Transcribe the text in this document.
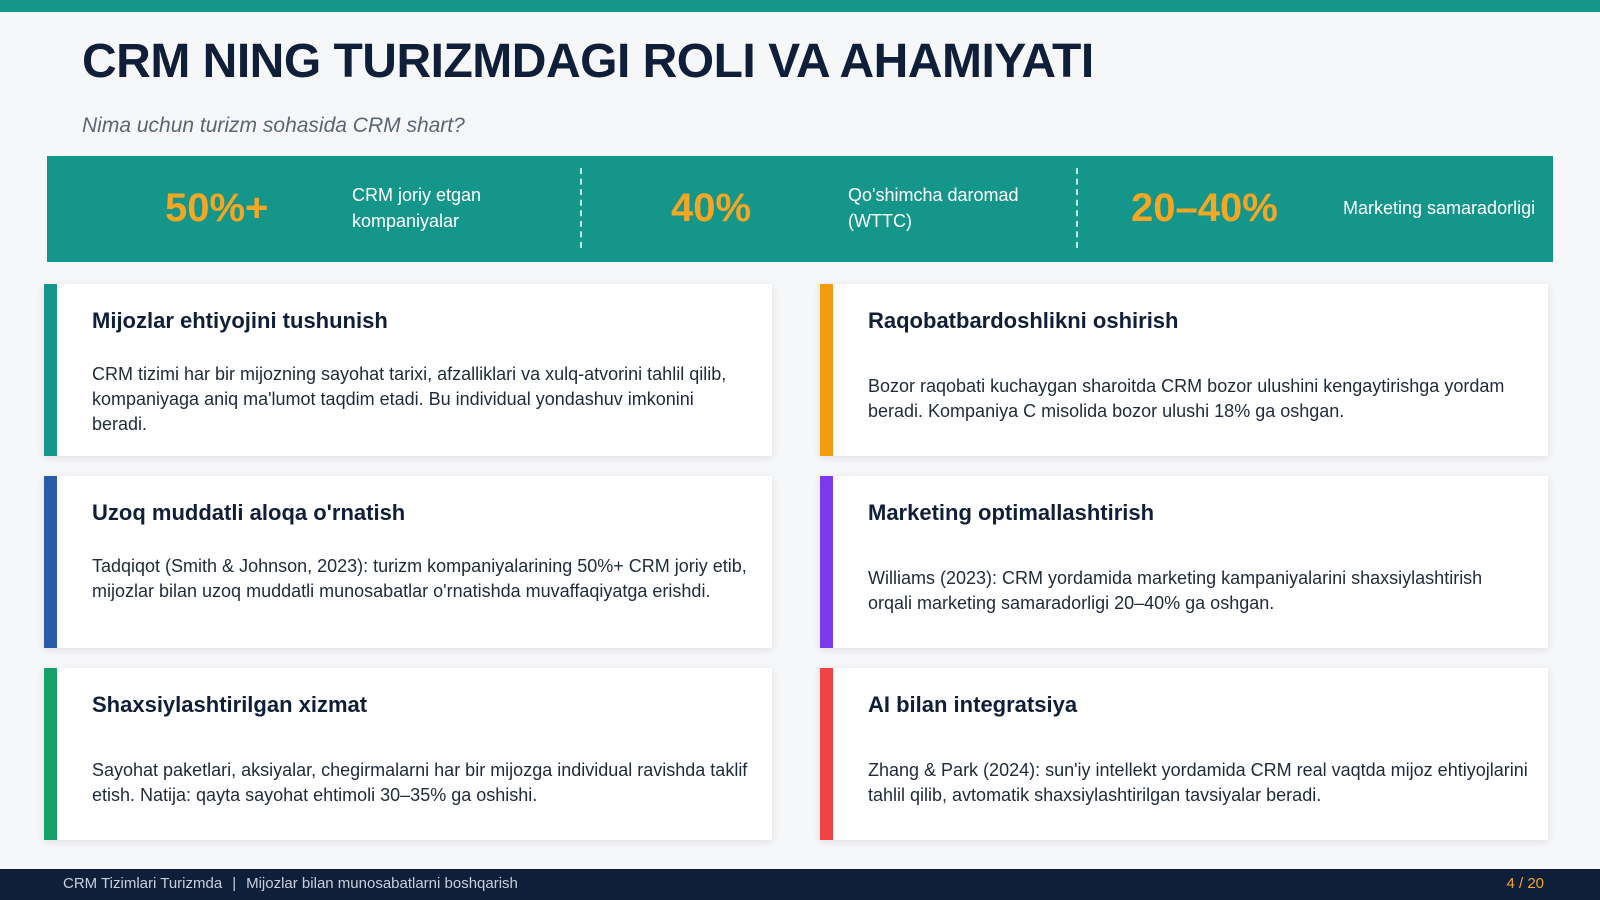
CRM NING TURIZMDAGI ROLI VA AHAMIYATI
Nima uchun turizm sohasida CRM shart?
50%+	CRM joriy etgan
kompaniyalar	40%	Qo'shimcha daromad
(WTTC)	20–40%	Marketing samaradorligi
Mijozlar ehtiyojini tushunish
CRM tizimi har bir mijozning sayohat tarixi, afzalliklari va xulq-atvorini tahlil qilib, kompaniyaga aniq ma'lumot taqdim etadi. Bu individual yondashuv imkonini beradi.
Raqobatbardoshlikni oshirish
Bozor raqobati kuchaygan sharoitda CRM bozor ulushini kengaytirishga yordam beradi. Kompaniya C misolida bozor ulushi 18% ga oshgan.
Uzoq muddatli aloqa o'rnatish
Tadqiqot (Smith & Johnson, 2023): turizm kompaniyalarining 50%+ CRM joriy etib, mijozlar bilan uzoq muddatli munosabatlar o'rnatishda muvaffaqiyatga erishdi.
Marketing optimallashtirish
Williams (2023): CRM yordamida marketing kampaniyalarini shaxsiylashtirish orqali marketing samaradorligi 20–40% ga oshgan.
Shaxsiylashtirilgan xizmat
Sayohat paketlari, aksiyalar, chegirmalarni har bir mijozga individual ravishda taklif etish. Natija: qayta sayohat ehtimoli 30–35% ga oshishi.
AI bilan integratsiya
Zhang & Park (2024): sun'iy intellekt yordamida CRM real vaqtda mijoz ehtiyojlarini tahlil qilib, avtomatik shaxsiylashtirilgan tavsiyalar beradi.
CRM Tizimlari Turizmda | Mijozlar bilan munosabatlarni boshqarish	4 / 20
